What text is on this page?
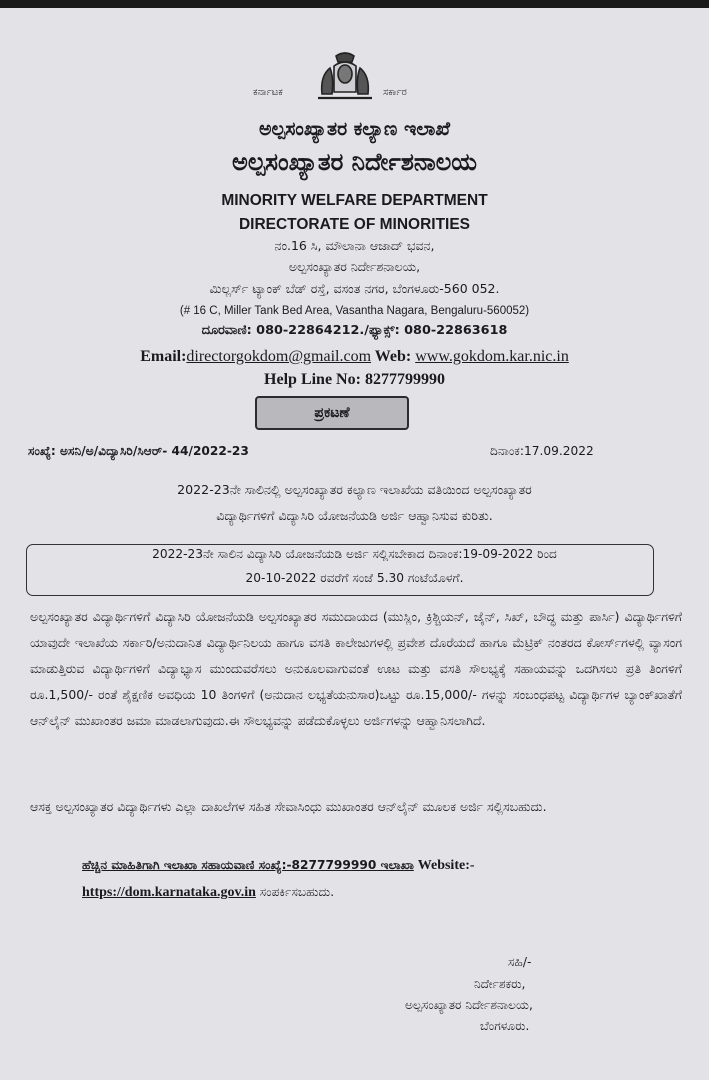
ಕರ್ನಾಟಕ	ಸರ್ಕಾರ
ಅಲ್ಪಸಂಖ್ಯಾತರ ಕಲ್ಯಾಣ ಇಲಾಖೆ
ಅಲ್ಪಸಂಖ್ಯಾತರ ನಿರ್ದೇಶನಾಲಯ
MINORITY WELFARE DEPARTMENT
DIRECTORATE OF MINORITIES
ನಂ.16 ಸಿ, ಮೌಲಾನಾ ಆಜಾದ್ ಭವನ,
ಅಲ್ಪಸಂಖ್ಯಾತರ ನಿರ್ದೇಶನಾಲಯ,
ಮಿಲ್ಲರ್ಸ್ ಟ್ಯಾಂಕ್ ಬೆಡ್ ರಸ್ತೆ, ವಸಂತ ನಗರ, ಬೆಂಗಳೂರು-560 052.
(# 16 C, Miller Tank Bed Area, Vasantha Nagara, Bengaluru-560052)
ದೂರವಾಣಿ: 080-22864212./ಫ್ಯಾಕ್ಸ್: 080-22863618
Email:directorgokdom@gmail.com Web: www.gokdom.kar.nic.in
Help Line No: 8277799990
ಪ್ರಕಟಣೆ
ಸಂಖ್ಯೆ: ಅಸನಿ/ಅ/ವಿದ್ಯಾಸಿರಿ/ಸಿಆರ್- 44/2022-23	ದಿನಾಂಕ:17.09.2022
2022-23ನೇ ಸಾಲಿನಲ್ಲಿ ಅಲ್ಪಸಂಖ್ಯಾತರ ಕಲ್ಯಾಣ ಇಲಾಖೆಯ ವತಿಯಿಂದ ಅಲ್ಪಸಂಖ್ಯಾತರ
ವಿದ್ಯಾರ್ಥಿಗಳಿಗೆ ವಿದ್ಯಾಸಿರಿ ಯೋಜನೆಯಡಿ ಅರ್ಜಿ ಆಹ್ವಾನಿಸುವ ಕುರಿತು.
2022-23ನೇ ಸಾಲಿನ ವಿದ್ಯಾಸಿರಿ ಯೋಜನೆಯಡಿ ಅರ್ಜಿ ಸಲ್ಲಿಸಬೇಕಾದ ದಿನಾಂಕ:19-09-2022 ರಿಂದ
20-10-2022 ರವರೆಗೆ ಸಂಜೆ 5.30 ಗಂಟೆಯೊಳಗೆ.
ಅಲ್ಪಸಂಖ್ಯಾತರ ವಿದ್ಯಾರ್ಥಿಗಳಿಗೆ ವಿದ್ಯಾಸಿರಿ ಯೋಜನೆಯಡಿ ಅಲ್ಪಸಂಖ್ಯಾತರ ಸಮುದಾಯದ (ಮುಸ್ಲಿಂ, ಕ್ರಿಶ್ಚಿಯನ್, ಜೈನ್, ಸಿಖ್, ಬೌದ್ಧ ಮತ್ತು ಪಾರ್ಸಿ) ವಿದ್ಯಾರ್ಥಿಗಳಿಗೆ ಯಾವುದೇ ಇಲಾಖೆಯ ಸರ್ಕಾರಿ/ಅನುದಾನಿತ ವಿದ್ಯಾರ್ಥಿನಿಲಯ ಹಾಗೂ ವಸತಿ ಕಾಲೇಜುಗಳಲ್ಲಿ ಪ್ರವೇಶ ದೊರೆಯದೆ ಹಾಗೂ ಮೆಟ್ರಿಕ್ ನಂತರದ ಕೋರ್ಸ್‌ಗಳಲ್ಲಿ ವ್ಯಾಸಂಗ ಮಾಡುತ್ತಿರುವ ವಿದ್ಯಾರ್ಥಿಗಳಿಗೆ ವಿದ್ಯಾಭ್ಯಾಸ ಮುಂದುವರೆಸಲು ಅನುಕೂಲವಾಗುವಂತೆ ಊಟ ಮತ್ತು ವಸತಿ ಸೌಲಭ್ಯಕ್ಕೆ ಸಹಾಯವನ್ನು ಒದಗಿಸಲು ಪ್ರತಿ ತಿಂಗಳಿಗೆ ರೂ.1,500/- ರಂತೆ ಶೈಕ್ಷಣಿಕ ಅವಧಿಯ 10 ತಿಂಗಳಿಗೆ (ಅನುದಾನ ಲಭ್ಯತೆಯನುಸಾರ)ಒಟ್ಟು ರೂ.15,000/- ಗಳನ್ನು ಸಂಬಂಧಪಟ್ಟ ವಿದ್ಯಾರ್ಥಿಗಳ ಬ್ಯಾಂಕ್‌ಖಾತೆಗೆ ಆನ್‌ಲೈನ್ ಮುಖಾಂತರ ಜಮಾ ಮಾಡಲಾಗುವುದು.ಈ ಸೌಲಭ್ಯವನ್ನು ಪಡೆದುಕೊಳ್ಳಲು ಅರ್ಜಿಗಳನ್ನು ಆಹ್ವಾನಿಸಲಾಗಿದೆ.
ಆಸಕ್ತ ಅಲ್ಪಸಂಖ್ಯಾತರ ವಿದ್ಯಾರ್ಥಿಗಳು ಎಲ್ಲಾ ದಾಖಲೆಗಳ ಸಹಿತ ಸೇವಾಸಿಂಧು ಮುಖಾಂತರ ಆನ್‌ಲೈನ್ ಮೂಲಕ ಅರ್ಜಿ ಸಲ್ಲಿಸಬಹುದು.
ಹೆಚ್ಚಿನ ಮಾಹಿತಿಗಾಗಿ ಇಲಾಖಾ ಸಹಾಯವಾಣಿ ಸಂಖ್ಯೆ:-8277799990 ಇಲಾಖಾ Website:-
https://dom.karnataka.gov.in ಸಂಪರ್ಕಿಸಬಹುದು.
ಸಹಿ/-
ನಿರ್ದೇಶಕರು,
ಅಲ್ಪಸಂಖ್ಯಾತರ ನಿರ್ದೇಶನಾಲಯ,
ಬೆಂಗಳೂರು.
